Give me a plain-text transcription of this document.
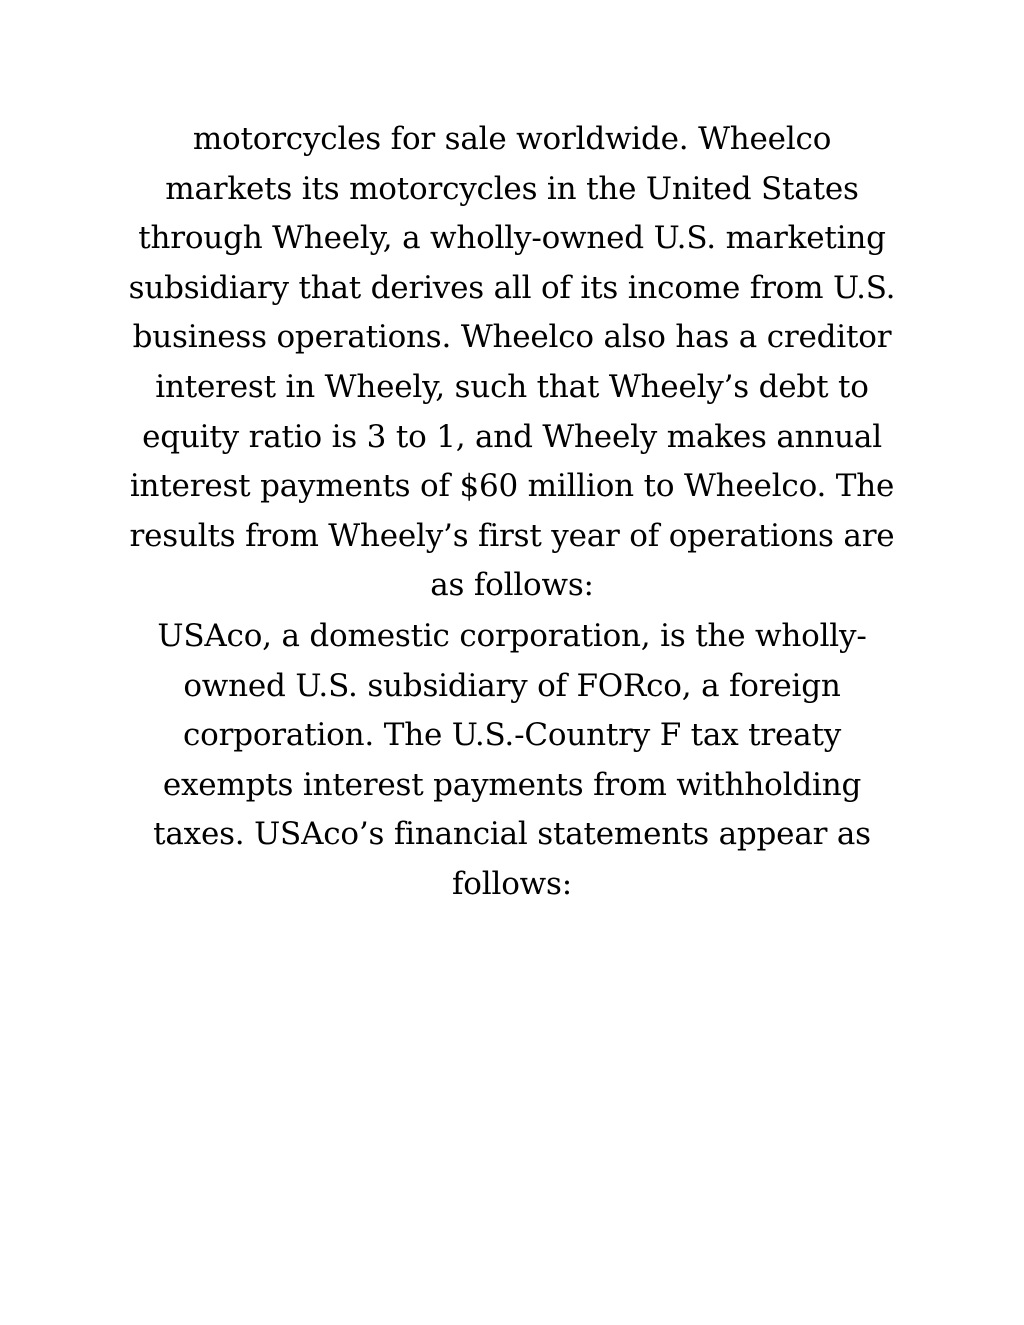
motorcycles for sale worldwide. Wheelco
markets its motorcycles in the United States
through Wheely, a wholly-owned U.S. marketing
subsidiary that derives all of its income from U.S.
business operations. Wheelco also has a creditor
interest in Wheely, such that Wheely’s debt to
equity ratio is 3 to 1, and Wheely makes annual
interest payments of $60 million to Wheelco. The
results from Wheely’s first year of operations are
as follows:
USAco, a domestic corporation, is the wholly-
owned U.S. subsidiary of FORco, a foreign
corporation. The U.S.-Country F tax treaty
exempts interest payments from withholding
taxes. USAco’s financial statements appear as
follows:
